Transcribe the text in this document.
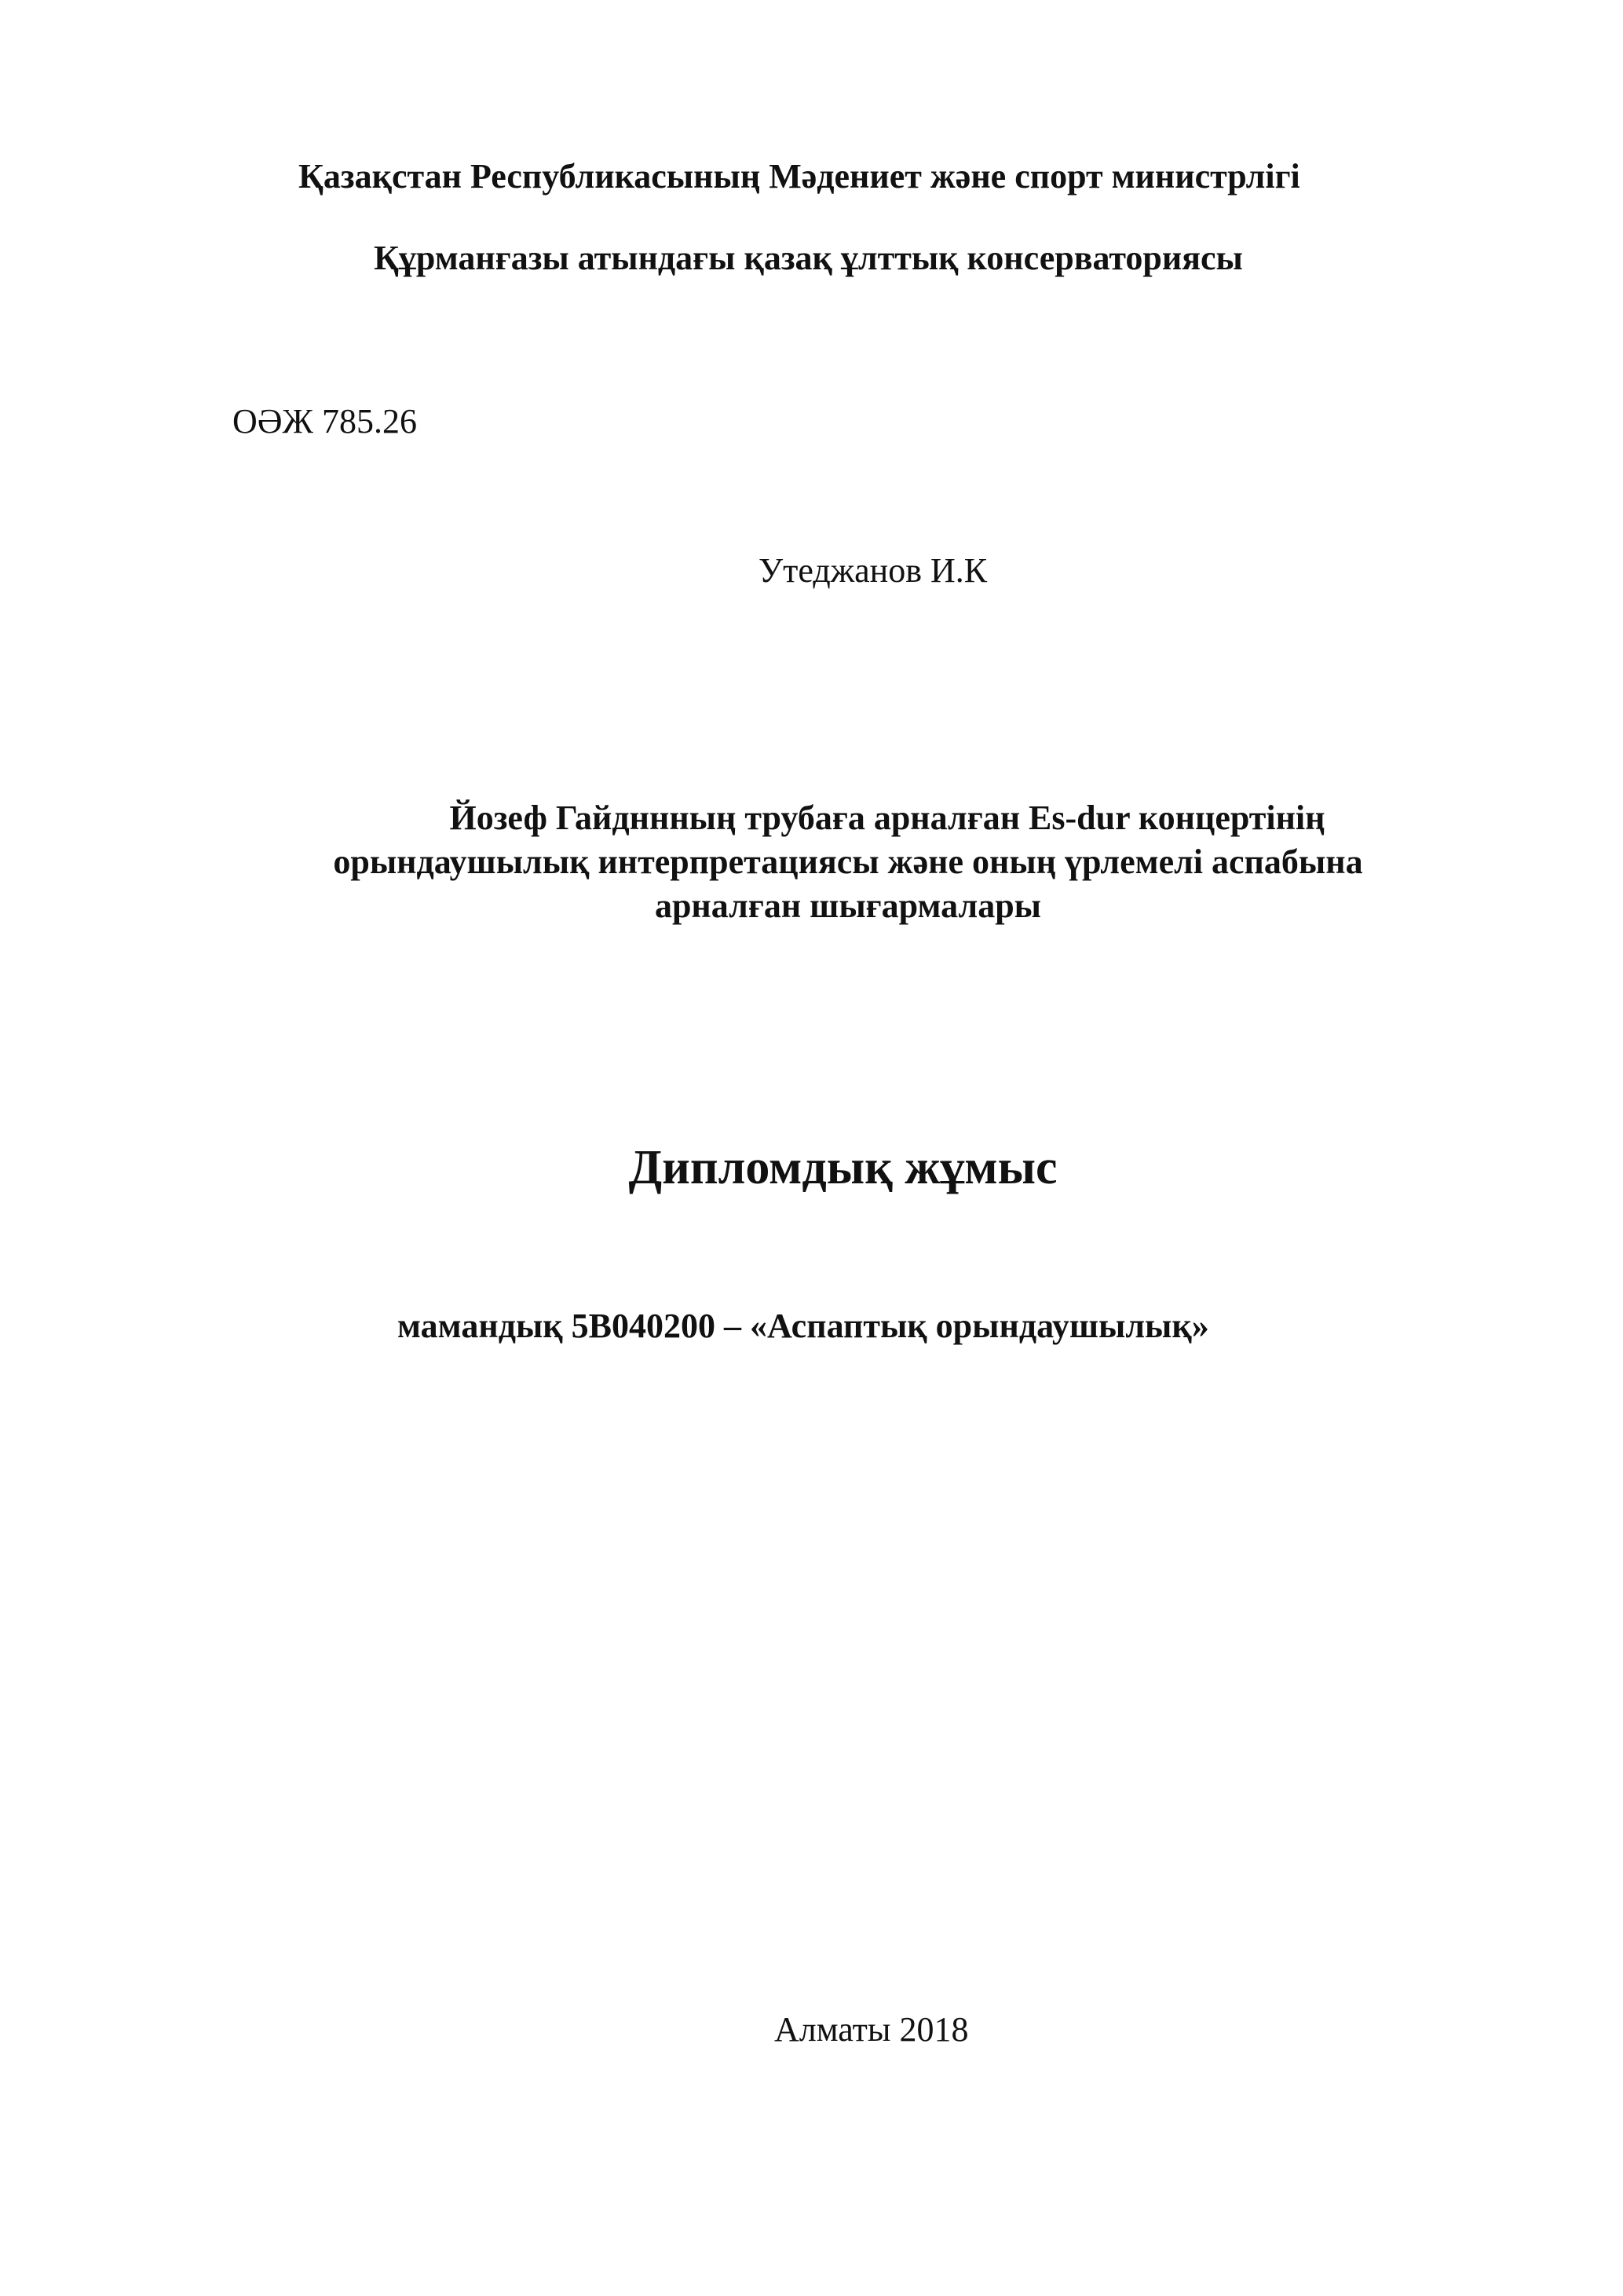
Қазақстан Республикасының Мәдениет және спорт министрлігі
Құрманғазы атындағы қазақ ұлттық консерваториясы
ОӘЖ 785.26
Утеджанов И.К
Йозеф Гайдннның трубаға арналған Es-dur концертінің
орындаушылық интерпретациясы және оның үрлемелі аспабына
арналған шығармалары
Дипломдық жұмыс
мамандық 5В040200 – «Аспаптық орындаушылық»
Алматы 2018
